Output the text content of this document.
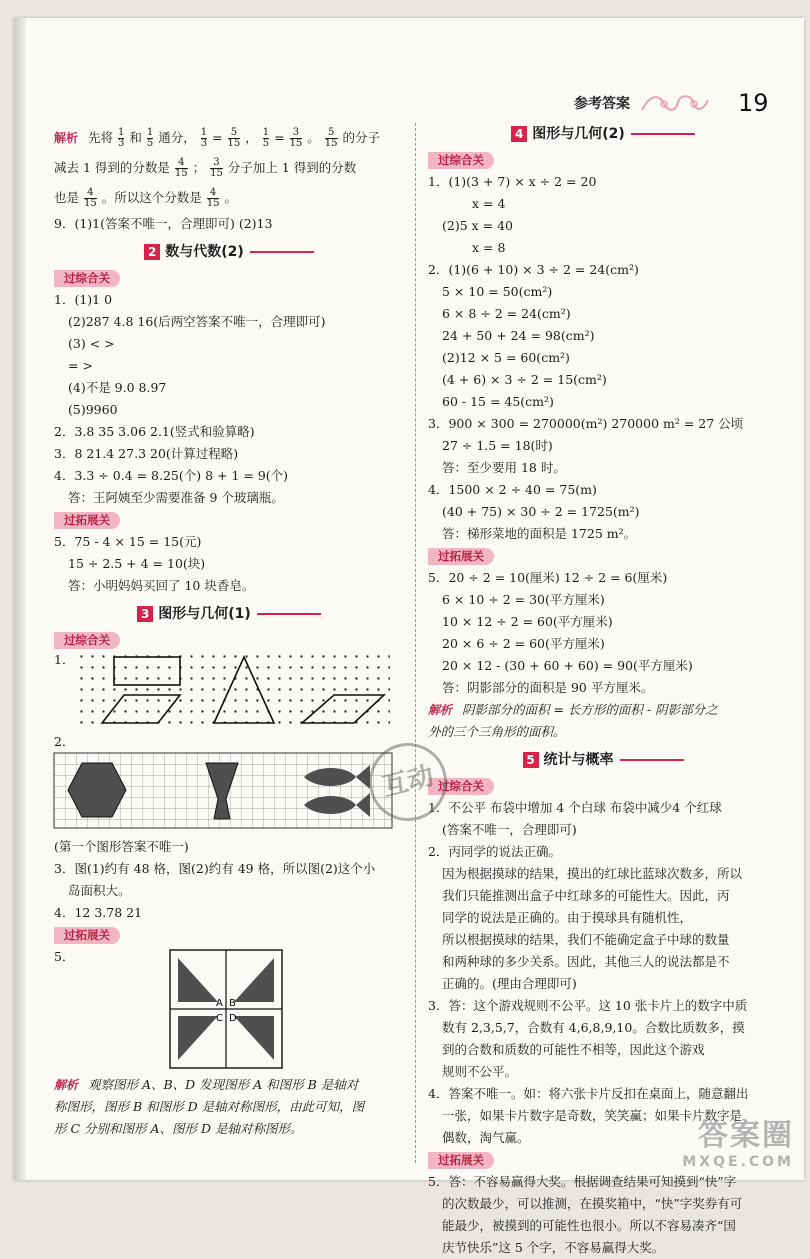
参考答案	19
解析 先将 $\frac{1}{3}$ 和 $\frac{1}{5}$ 通分， $\frac{1}{3} = \frac{5}{15}$ ， $\frac{1}{5} = \frac{3}{15}$ 。 $\frac{5}{15}$ 的分子
减去 1 得到的分数是 $\frac{4}{15}$ ； $\frac{3}{15}$ 分子加上 1 得到的分数
也是 $\frac{4}{15}$ 。所以这个分数是 $\frac{4}{15}$ 。
9．(1)1(答案不唯一，合理即可) (2)13
2 数与代数(2)
过综合关
1．(1)1 0
(2)287 4.8 16(后两空答案不唯一，合理即可)
(3) < >
= >
(4)不是 9.0 8.97
(5)9960
2．3.8 35 3.06 2.1(竖式和验算略)
3．8 21.4 27.3 20(计算过程略)
4．3.3 ÷ 0.4 = 8.25(个) 8 + 1 = 9(个)
答：王阿姨至少需要准备 9 个玻璃瓶。
过拓展关
5．75 - 4 × 15 = 15(元)
15 ÷ 2.5 + 4 = 10(块)
答：小明妈妈买回了 10 块香皂。
3 图形与几何(1)
过综合关
1．
2．
(第一个图形答案不唯一)
3．图(1)约有 48 格，图(2)约有 49 格，所以图(2)这个小
岛面积大。
4．12 3.78 21
过拓展关
5．
A B
C D
解析 观察图形 A、B、D 发现图形 A 和图形 B 是轴对
称图形，图形 B 和图形 D 是轴对称图形，由此可知，图
形 C 分别和图形 A、图形 D 是轴对称图形。
4 图形与几何(2)
过综合关
1．(1)(3 + 7) × x ÷ 2 = 20
x = 4
(2)5 x = 40
x = 8
2．(1)(6 + 10) × 3 ÷ 2 = 24(cm²)
5 × 10 = 50(cm²)
6 × 8 ÷ 2 = 24(cm²)
24 + 50 + 24 = 98(cm²)
(2)12 × 5 = 60(cm²)
(4 + 6) × 3 ÷ 2 = 15(cm²)
60 - 15 = 45(cm²)
3．900 × 300 = 270000(m²) 270000 m² = 27 公顷
27 ÷ 1.5 = 18(时)
答：至少要用 18 时。
4．1500 × 2 ÷ 40 = 75(m)
(40 + 75) × 30 ÷ 2 = 1725(m²)
答：梯形菜地的面积是 1725 m²。
过拓展关
5．20 ÷ 2 = 10(厘米) 12 ÷ 2 = 6(厘米)
6 × 10 ÷ 2 = 30(平方厘米)
10 × 12 ÷ 2 = 60(平方厘米)
20 × 6 ÷ 2 = 60(平方厘米)
20 × 12 - (30 + 60 + 60) = 90(平方厘米)
答：阴影部分的面积是 90 平方厘米。
解析 阴影部分的面积 = 长方形的面积 - 阴影部分之
外的三个三角形的面积。
5 统计与概率
过综合关
1．不公平 布袋中增加 4 个白球 布袋中减少4 个红球
(答案不唯一，合理即可)
2．丙同学的说法正确。
因为根据摸球的结果，摸出的红球比蓝球次数多，所以
我们只能推测出盒子中红球多的可能性大。因此，丙
同学的说法是正确的。由于摸球具有随机性，
所以根据摸球的结果，我们不能确定盒子中球的数量
和两种球的多少关系。因此，其他三人的说法都是不
正确的。(理由合理即可)
3．答：这个游戏规则不公平。这 10 张卡片上的数字中质
数有 2,3,5,7，合数有 4,6,8,9,10。合数比质数多，摸
到的合数和质数的可能性不相等，因此这个游戏
规则不公平。
4．答案不唯一。如：将六张卡片反扣在桌面上，随意翻出
一张，如果卡片数字是奇数，笑笑赢；如果卡片数字是
偶数，淘气赢。
过拓展关
5．答：不容易赢得大奖。根据调查结果可知摸到“快”字
的次数最少，可以推测，在摸奖箱中，“快”字奖券有可
能最少，被摸到的可能性也很小。所以不容易凑齐“国
庆节快乐”这 5 个字，不容易赢得大奖。
互动
答案圈
MXQE.COM
